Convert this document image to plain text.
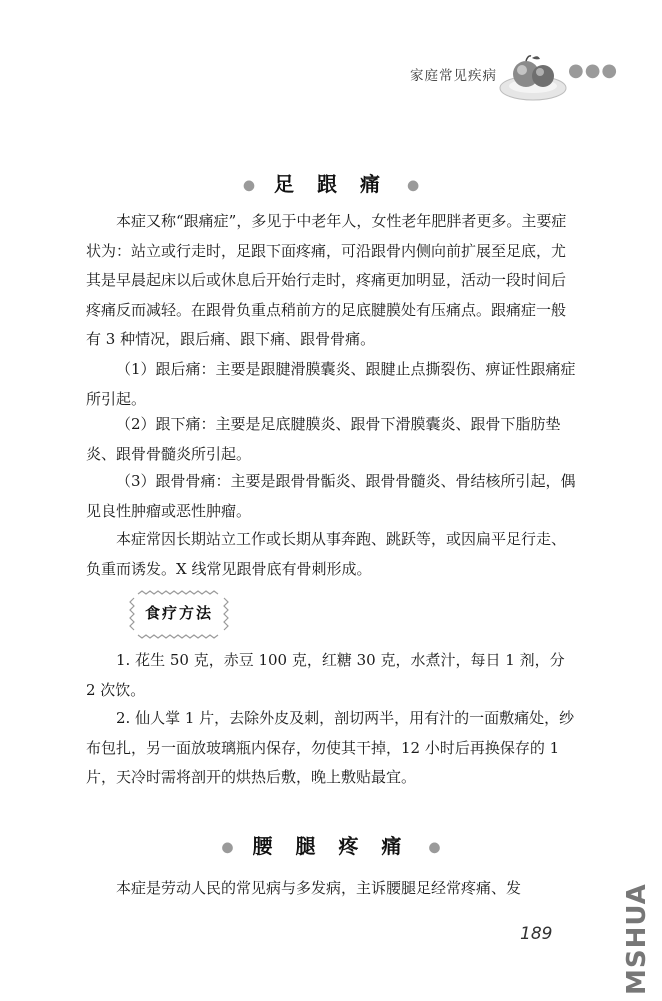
家庭常见疾病	●●●
● 足 跟 痛 ●

本症又称“跟痛症”，多见于中老年人，女性老年肥胖者更多。主要症状为：站立或行走时，足跟下面疼痛，可沿跟骨内侧向前扩展至足底，尤其是早晨起床以后或休息后开始行走时，疼痛更加明显，活动一段时间后疼痛反而减轻。在跟骨负重点稍前方的足底腱膜处有压痛点。跟痛症一般有 3 种情况，跟后痛、跟下痛、跟骨骨痛。

（1）跟后痛：主要是跟腱滑膜囊炎、跟腱止点撕裂伤、痹证性跟痛症所引起。

（2）跟下痛：主要是足底腱膜炎、跟骨下滑膜囊炎、跟骨下脂肪垫炎、跟骨骨髓炎所引起。

（3）跟骨骨痛：主要是跟骨骨骺炎、跟骨骨髓炎、骨结核所引起，偶见良性肿瘤或恶性肿瘤。

本症常因长期站立工作或长期从事奔跑、跳跃等，或因扁平足行走、负重而诱发。X 线常见跟骨底有骨刺形成。

食疗方法

1. 花生 50 克，赤豆 100 克，红糖 30 克，水煮汁，每日 1 剂，分 2 次饮。

2. 仙人掌 1 片，去除外皮及刺，剖切两半，用有汁的一面敷痛处，纱布包扎，另一面放玻璃瓶内保存，勿使其干掉，12 小时后再换保存的 1 片，天冷时需将剖开的烘热后敷，晚上敷贴最宜。

● 腰 腿 疼 痛 ●

本症是劳动人民的常见病与多发病，主诉腰腿足经常疼痛、发

189	MSHUA
